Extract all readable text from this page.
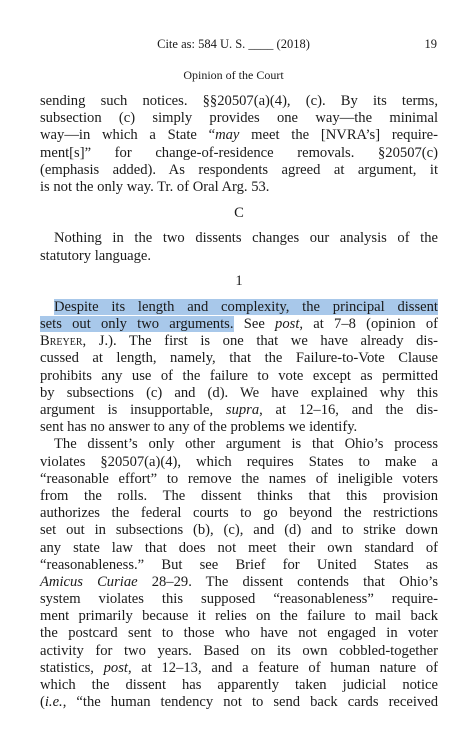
Cite as: 584 U. S. ____ (2018)	19
Opinion of the Court
sending such notices. §§20507(a)(4), (c). By its terms,
subsection (c) simply provides one way—the minimal
way—in which a State “may meet the [NVRA’s] require-
ment[s]” for change-of-residence removals. §20507(c)
(emphasis added). As respondents agreed at argument, it
is not the only way. Tr. of Oral Arg. 53.
C
Nothing in the two dissents changes our analysis of the
statutory language.
1
Despite its length and complexity, the principal dissent
sets out only two arguments. See post, at 7–8 (opinion of
Breyer, J.). The first is one that we have already dis-
cussed at length, namely, that the Failure-to-Vote Clause
prohibits any use of the failure to vote except as permitted
by subsections (c) and (d). We have explained why this
argument is insupportable, supra, at 12–16, and the dis-
sent has no answer to any of the problems we identify.
The dissent’s only other argument is that Ohio’s process
violates §20507(a)(4), which requires States to make a
“reasonable effort” to remove the names of ineligible voters
from the rolls. The dissent thinks that this provision
authorizes the federal courts to go beyond the restrictions
set out in subsections (b), (c), and (d) and to strike down
any state law that does not meet their own standard of
“reasonableness.” But see Brief for United States as
Amicus Curiae 28–29. The dissent contends that Ohio’s
system violates this supposed “reasonableness” require-
ment primarily because it relies on the failure to mail back
the postcard sent to those who have not engaged in voter
activity for two years. Based on its own cobbled-together
statistics, post, at 12–13, and a feature of human nature of
which the dissent has apparently taken judicial notice
(i.e., “the human tendency not to send back cards received
